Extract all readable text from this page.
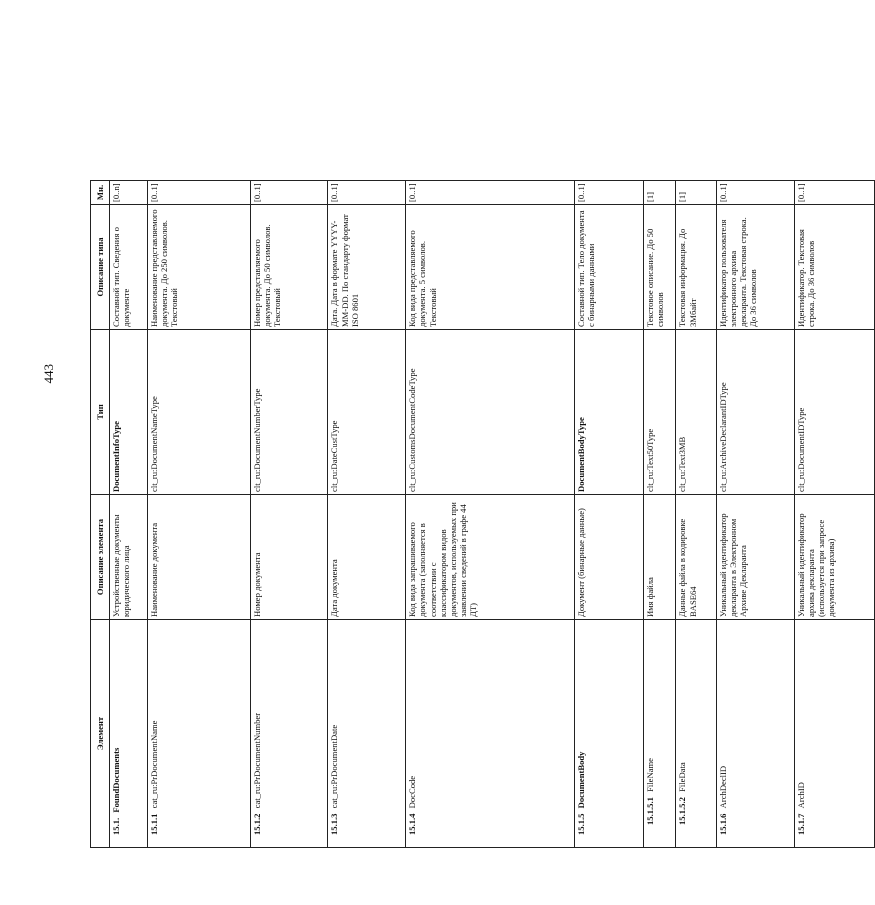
443
Элемент	Описание элемента	Тип	Описание типа	Мн.
15.1. FoundDocuments	Устройственные документы юридического лица	DocumentInfoType	Составной тип. Сведения о документе	[0..n]
15.1.1 cat_ru:PrDocumentName	Наименование документа	clt_ru:DocumentNameType	Наименование представляемого документа. До 250 символов. Текстовый	[0..1]
15.1.2 cat_ru:PrDocumentNumber	Номер документа	clt_ru:DocumentNumberType	Номер представляемого документа. До 50 символов. Текстовый	[0..1]
15.1.3 cat_ru:PrDocumentDate	Дата документа	clt_ru:DateCustType	Дата. Дата в формате YYYY-MM-DD. По стандарту формат ISO 8601	[0..1]
15.1.4 DocCode	Код вида запрашиваемого документа (заполняется в соответствии с классификатором видов документов, используемых при заявлении сведений в графе 44 ДТ)	clt_ru:CustomsDocumentCodeType	Код вида представляемого документа. 5 символов. Текстовый	[0..1]
15.1.5 DocumentBody	Документ (бинарные данные)	DocumentBodyType	Составной тип. Тело документа с бинарными данными	[0..1]
15.1.5.1 FileName	Имя файла	clt_ru:Text50Type	Текстовое описание. До 50 символов	[1]
15.1.5.2 FileData	Данные файла в кодировке BASE64	clt_ru:Text3MB	Текстовая информация. До 3Мбайт	[1]
15.1.6 ArchDeclID	Уникальный идентификатор декларанта в Электронном Архиве Декларанта	clt_ru:ArchiveDeclarantIDType	Идентификатор пользователя электронного архива декларанта. Текстовая строка. До 36 символов	[0..1]
15.1.7 ArchID	Уникальный идентификатор архива декларанта (используется при запросе документа из архива)	clt_ru:DocumentIDType	Идентификатор. Текстовая строка. До 36 символов	[0..1]
